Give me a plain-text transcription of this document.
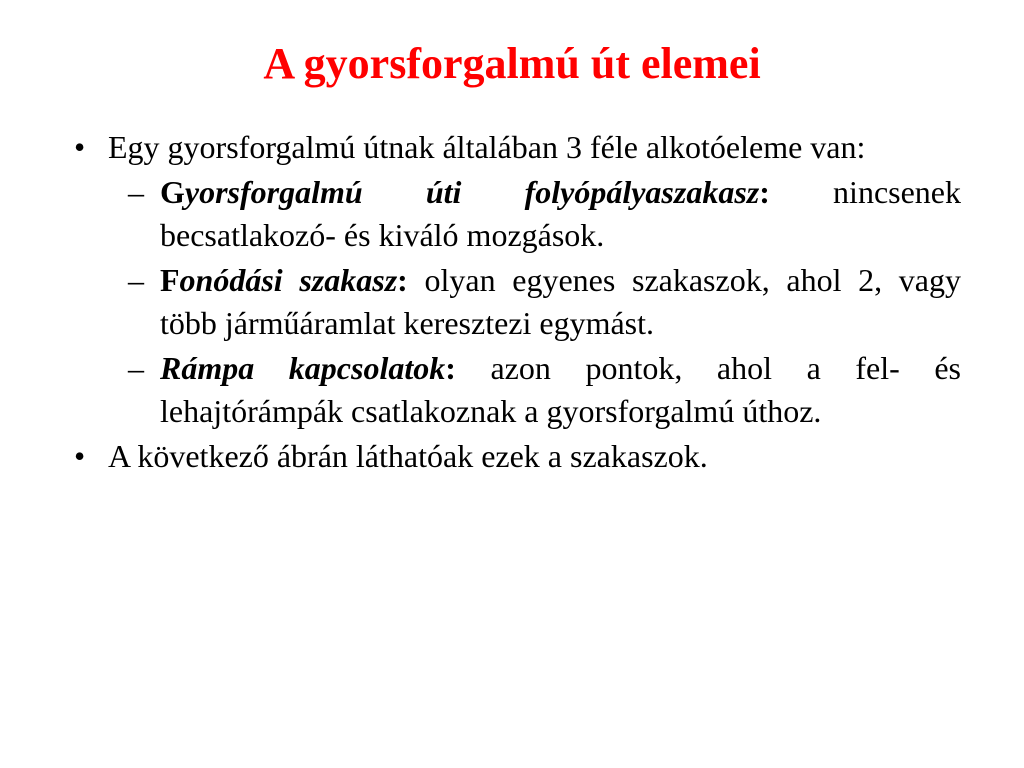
A gyorsforgalmú út elemei
• Egy gyorsforgalmú útnak általában 3 féle alkotóeleme van:
– Gyorsforgalmú úti folyópályaszakasz: nincsenek becsatlakozó- és kiváló mozgások.
– Fonódási szakasz: olyan egyenes szakaszok, ahol 2, vagy több járműáramlat keresztezi egymást.
– Rámpa kapcsolatok: azon pontok, ahol a fel- és lehajtórámpák csatlakoznak a gyorsforgalmú úthoz.
• A következő ábrán láthatóak ezek a szakaszok.
